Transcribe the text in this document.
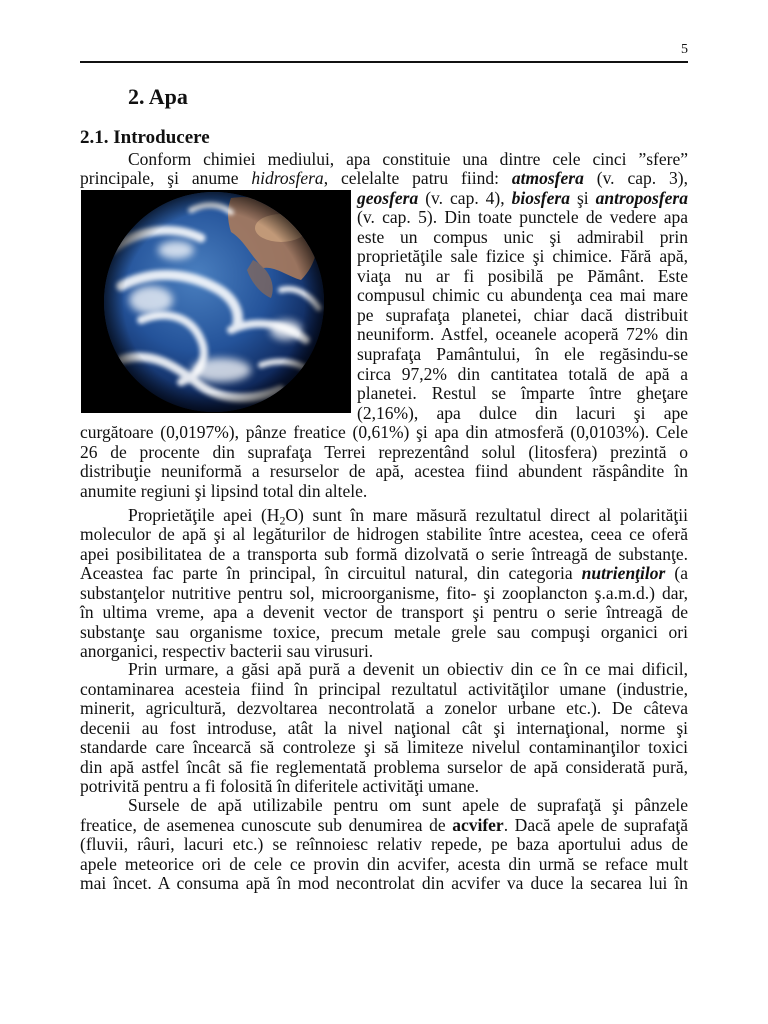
5
2. Apa
2.1. Introducere
Conform chimiei mediului, apa constituie una dintre cele cinci ”sfere”
principale, şi anume hidrosfera, celelalte patru fiind: atmosfera (v. cap. 3),
geosfera (v. cap. 4), biosfera şi antroposfera
(v. cap. 5). Din toate punctele de vedere apa
este un compus unic şi admirabil prin
proprietăţile sale fizice şi chimice. Fără apă,
viaţa nu ar fi posibilă pe Pământ. Este
compusul chimic cu abundenţa cea mai mare
pe suprafaţa planetei, chiar dacă distribuit
neuniform. Astfel, oceanele acoperă 72% din
suprafaţa Pamântului, în ele regăsindu-se
circa 97,2% din cantitatea totală de apă a
planetei. Restul se împarte între gheţare
(2,16%), apa dulce din lacuri şi ape
curgătoare (0,0197%), pânze freatice (0,61%) şi apa din atmosferă (0,0103%). Cele
26 de procente din suprafaţa Terrei reprezentând solul (litosfera) prezintă o
distribuţie neuniformă a resurselor de apă, acestea fiind abundent răspândite în
anumite regiuni şi lipsind total din altele.
Proprietăţile apei $(H_2O)$ sunt în mare măsură rezultatul direct al polarităţii
moleculor de apă şi al legăturilor de hidrogen stabilite între acestea, ceea ce oferă
apei posibilitatea de a transporta sub formă dizolvată o serie întreagă de substanţe.
Aceastea fac parte în principal, în circuitul natural, din categoria nutrienţilor (a
substanţelor nutritive pentru sol, microorganisme, fito- şi zooplancton ş.a.m.d.) dar,
în ultima vreme, apa a devenit vector de transport şi pentru o serie întreagă de
substanţe sau organisme toxice, precum metale grele sau compuşi organici ori
anorganici, respectiv bacterii sau virusuri.
Prin urmare, a găsi apă pură a devenit un obiectiv din ce în ce mai dificil,
contaminarea acesteia fiind în principal rezultatul activităţilor umane (industrie,
minerit, agricultură, dezvoltarea necontrolată a zonelor urbane etc.). De câteva
decenii au fost introduse, atât la nivel naţional cât şi internaţional, norme şi
standarde care încearcă să controleze şi să limiteze nivelul contaminanţilor toxici
din apă astfel încât să fie reglementată problema surselor de apă considerată pură,
potrivită pentru a fi folosită în diferitele activităţi umane.
Sursele de apă utilizabile pentru om sunt apele de suprafaţă şi pânzele
freatice, de asemenea cunoscute sub denumirea de acvifer. Dacă apele de suprafaţă
(fluvii, râuri, lacuri etc.) se reînnoiesc relativ repede, pe baza aportului adus de
apele meteorice ori de cele ce provin din acvifer, acesta din urmă se reface mult
mai încet. A consuma apă în mod necontrolat din acvifer va duce la secarea lui în
